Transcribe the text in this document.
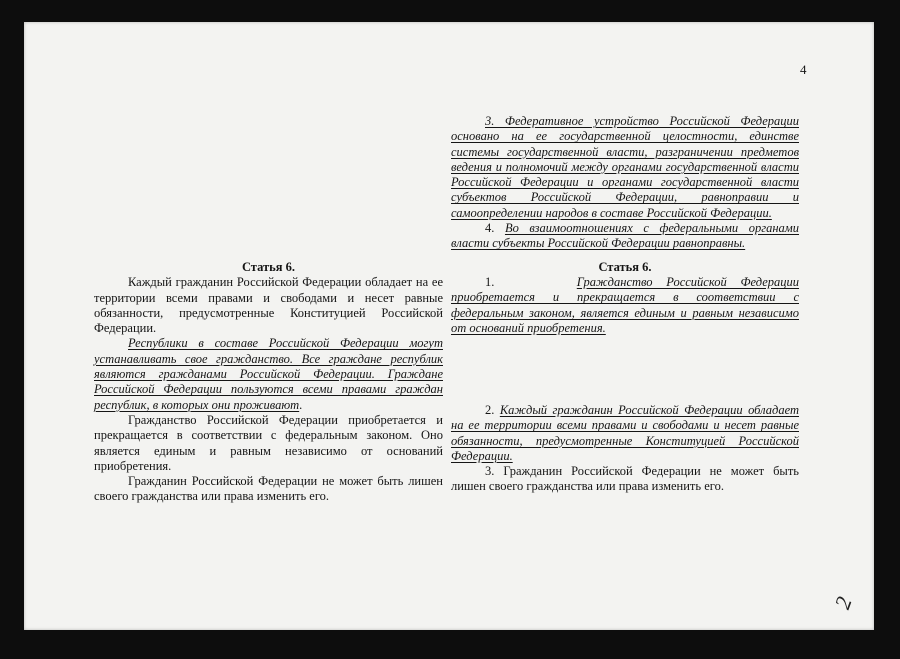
4

Статья 6.

Каждый гражданин Российской Федерации обладает на ее территории всеми правами и свободами и несет равные обязанности, предусмотренные Конституцией Российской Федерации.

Республики в составе Российской Федерации могут устанавливать свое гражданство. Все граждане республик являются гражданами Российской Федерации. Граждане Российской Федерации пользуются всеми правами граждан республик, в которых они проживают.

Гражданство Российской Федерации приобретается и прекращается в соответствии с федеральным законом. Оно является единым и равным независимо от оснований приобретения.

Гражданин Российской Федерации не может быть лишен своего гражданства или права изменить его.

3. Федеративное устройство Российской Федерации основано на ее государственной целостности, единстве системы государственной власти, разграничении предметов ведения и полномочий между органами государственной власти Российской Федерации и органами государственной власти субъектов Российской Федерации, равноправии и самоопределении народов в составе Российской Федерации.

4. Во взаимоотношениях с федеральными органами власти субъекты Российской Федерации равноправны.

Статья 6.

1.	Гражданство Российской Федерации приобретается и прекращается в соответствии с федеральным законом, является единым и равным независимо от оснований приобретения.

2. Каждый гражданин Российской Федерации обладает на ее территории всеми правами и свободами и несет равные обязанности, предусмотренные Конституцией Российской Федерации.

3. Гражданин Российской Федерации не может быть лишен своего гражданства или права изменить его.

2
